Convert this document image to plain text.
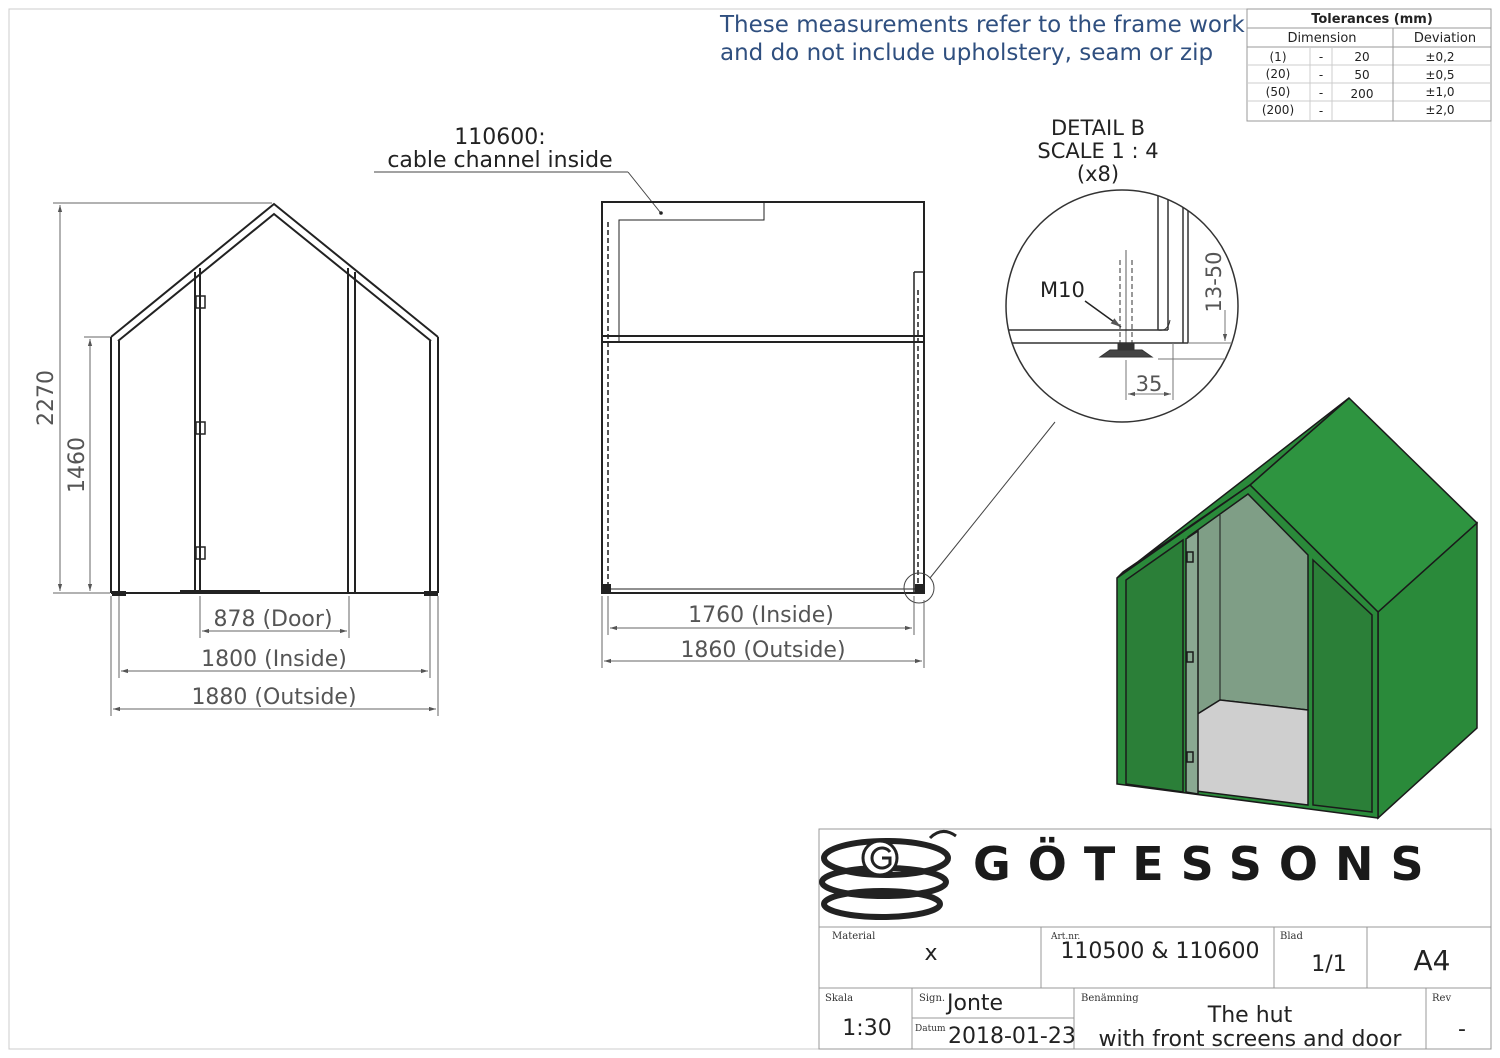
These measurements refer to the frame work
and do not include upholstery, seam or zip
Tolerances (mm)
Dimension	Deviation
(1)	-	20	±0,2
(20) -	50	±0,5
(50) - 200	±1,0
(200) -	±2,0
2270
1460
878 (Door)
1800 (Inside)
1880 (Outside)
110600:
cable channel inside
1760 (Inside)
1860 (Outside)
DETAIL B
SCALE 1 : 4
(x8)
M10	13-50
35
GÖTESSONS
Material
x
Art.nr.
110500 & 110600
Blad
1/1 A4
Skala
1:30
Sign. Jonte
Datum 2018-01-23
Benämning
The hut
with front screens and door
Rev
-
